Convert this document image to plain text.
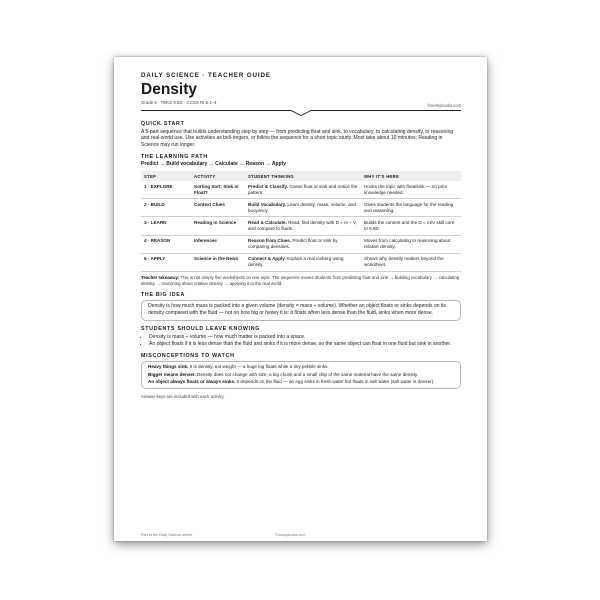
DAILY SCIENCE · TEACHER GUIDE
Density
Grade 5 · TEKS 6.8D · CCSS RI.6.1–4
©workybooks.com
QUICK START
A 5-part sequence that builds understanding step by step — from predicting float and sink, to vocabulary, to calculating density, to reasoning and real-world use. Use activities as bell-ringers, or follow the sequence for a short topic study. Most take about 10 minutes; Reading in Science may run longer.
THE LEARNING PATH
Predict → Build vocabulary → Calculate → Reason → Apply
STEP	ACTIVITY	STUDENT THINKING	WHY IT'S HERE
1 · EXPLORE	Sorting Sort: Sink or Float?	Predict & Classify. Guess float or sink and notice the pattern.	Hooks the topic with float/sink — no prior knowledge needed.
2 · BUILD	Context Clues	Build Vocabulary. Learn density, mass, volume, and buoyancy.	Gives students the language for the reading and reasoning.
3 · LEARN	Reading in Science	Read & Calculate. Read, find density with D = m ÷ V, and compare to fluids.	Builds the content and the D = m/V skill core to 6.8D.
4 · REASON	Inferences	Reason from Clues. Predict float or sink by comparing densities.	Moves from calculating to reasoning about relative density.
5 · APPLY	Science in the News	Connect & Apply. Explain a real iceberg using density.	Shows why density matters beyond the worksheet.
Teacher takeaway: This is not simply five worksheets on one topic. The sequence moves students from predicting float and sink → building vocabulary → calculating density → reasoning about relative density → applying it to the real world.
THE BIG IDEA
Density is how much mass is packed into a given volume (density = mass ÷ volume). Whether an object floats or sinks depends on its density compared with the fluid — not on how big or heavy it is: it floats when less dense than the fluid, sinks when more dense.
STUDENTS SHOULD LEAVE KNOWING
• Density is mass ÷ volume — how much matter is packed into a space.
• An object floats if it is less dense than the fluid and sinks if it is more dense, so the same object can float in one fluid but sink in another.
MISCONCEPTIONS TO WATCH
Heavy things sink. It is density, not weight — a huge log floats while a tiny pebble sinks.
Bigger means denser. Density does not change with size; a big chunk and a small chip of the same material have the same density.
An object always floats or always sinks. It depends on the fluid — an egg sinks in fresh water but floats in salt water (salt water is denser).
Answer keys are included with each activity.
Part of the Daily Science series	©workybooks.com
